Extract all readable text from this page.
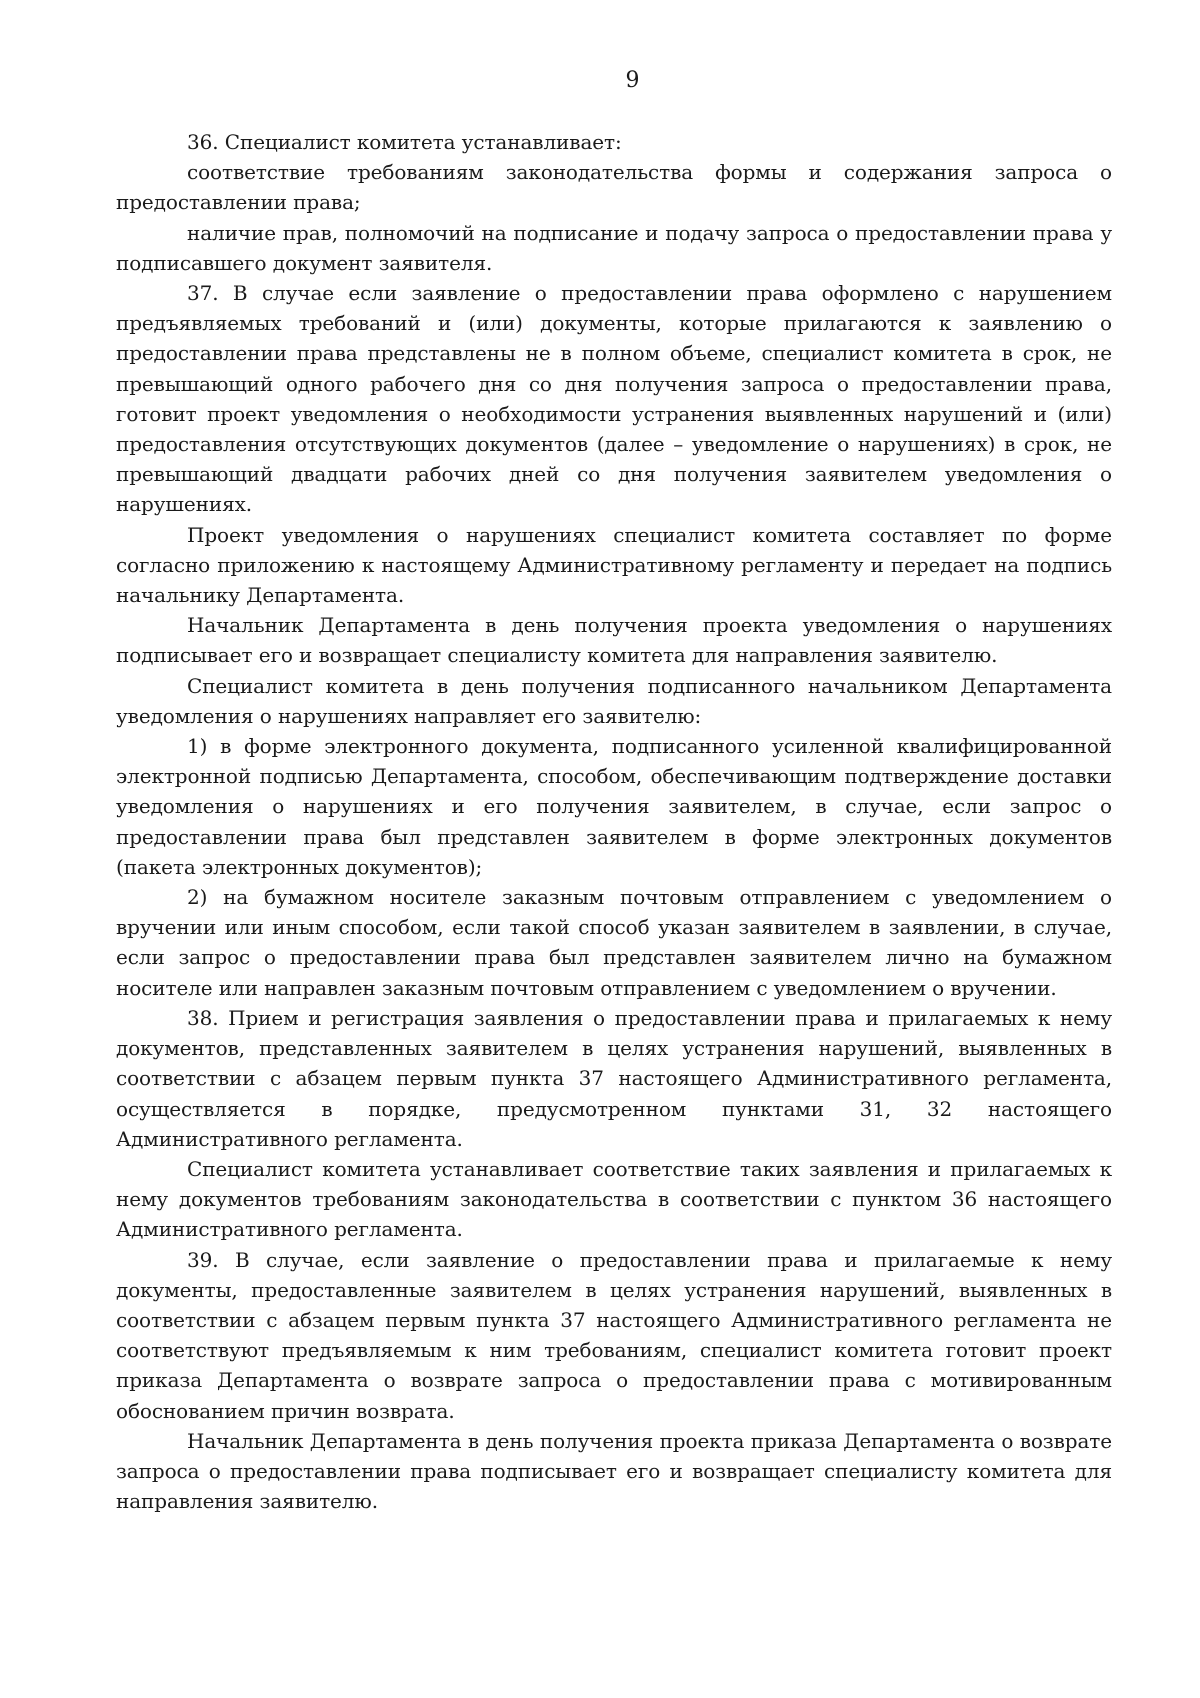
9

36. Специалист комитета устанавливает:

соответствие требованиям законодательства формы и содержания запроса о предоставлении права;

наличие прав, полномочий на подписание и подачу запроса о предоставлении права у подписавшего документ заявителя.

37. В случае если заявление о предоставлении права оформлено с нарушением предъявляемых требований и (или) документы, которые прилагаются к заявлению о предоставлении права представлены не в полном объеме, специалист комитета в срок, не превышающий одного рабочего дня со дня получения запроса о предоставлении права, готовит проект уведомления о необходимости устранения выявленных нарушений и (или) предоставления отсутствующих документов (далее – уведомление о нарушениях) в срок, не превышающий двадцати рабочих дней со дня получения заявителем уведомления о нарушениях.

Проект уведомления о нарушениях специалист комитета составляет по форме согласно приложению к настоящему Административному регламенту и передает на подпись начальнику Департамента.

Начальник Департамента в день получения проекта уведомления о нарушениях подписывает его и возвращает специалисту комитета для направления заявителю.

Специалист комитета в день получения подписанного начальником Департамента уведомления о нарушениях направляет его заявителю:

1) в форме электронного документа, подписанного усиленной квалифицированной электронной подписью Департамента, способом, обеспечивающим подтверждение доставки уведомления о нарушениях и его получения заявителем, в случае, если запрос о предоставлении права был представлен заявителем в форме электронных документов (пакета электронных документов);

2) на бумажном носителе заказным почтовым отправлением с уведомлением о вручении или иным способом, если такой способ указан заявителем в заявлении, в случае, если запрос о предоставлении права был представлен заявителем лично на бумажном носителе или направлен заказным почтовым отправлением с уведомлением о вручении.

38. Прием и регистрация заявления о предоставлении права и прилагаемых к нему документов, представленных заявителем в целях устранения нарушений, выявленных в соответствии с абзацем первым пункта 37 настоящего Административного регламента, осуществляется в порядке, предусмотренном пунктами 31, 32 настоящего Административного регламента.

Специалист комитета устанавливает соответствие таких заявления и прилагаемых к нему документов требованиям законодательства в соответствии с пунктом 36 настоящего Административного регламента.

39. В случае, если заявление о предоставлении права и прилагаемые к нему документы, предоставленные заявителем в целях устранения нарушений, выявленных в соответствии с абзацем первым пункта 37 настоящего Административного регламента не соответствуют предъявляемым к ним требованиям, специалист комитета готовит проект приказа Департамента о возврате запроса о предоставлении права с мотивированным обоснованием причин возврата.

Начальник Департамента в день получения проекта приказа Департамента о возврате запроса о предоставлении права подписывает его и возвращает специалисту комитета для направления заявителю.
